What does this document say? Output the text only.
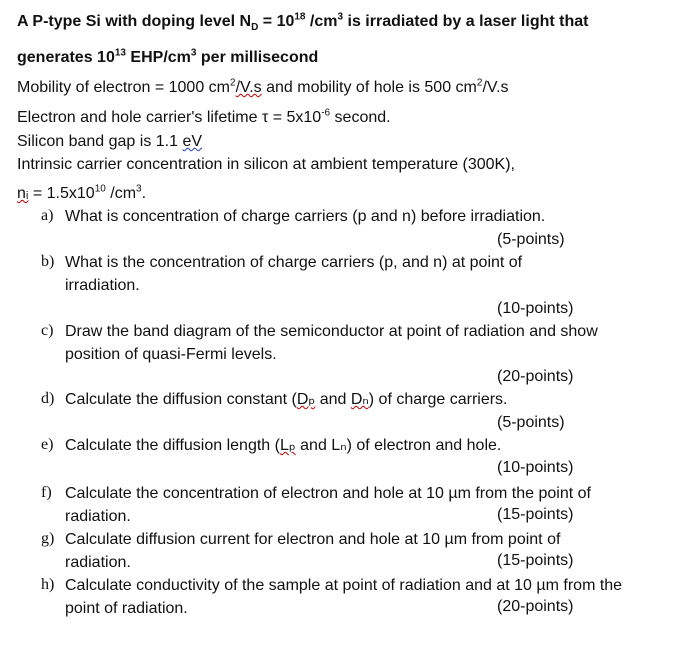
A P-type Si with doping level $N_D = 10^{18}$ $/cm^3$ is irradiated by a laser light that
generates $10^{13}$ EHP/$cm^3$ per millisecond
Mobility of electron = 1000 $cm^2/V.s$ and mobility of hole is 500 $cm^2/V.s$
Electron and hole carrier's lifetime $\tau = 5x10^{-6}$ second.
Silicon band gap is 1.1 eV
Intrinsic carrier concentration in silicon at ambient temperature (300K),
nᵢ = $1.5x10^{10}$ $/cm^3$.
a) What is concentration of charge carriers (p and n) before irradiation.
(5-points)
b) What is the concentration of charge carriers (p, and n) at point of irradiation.
(10-points)
c) Draw the band diagram of the semiconductor at point of radiation and show position of quasi-Fermi levels.
(20-points)
d) Calculate the diffusion constant (Dₚ and Dₙ) of charge carriers.
(5-points)
e) Calculate the diffusion length (Lₚ and Lₙ) of electron and hole.
(10-points)
f) Calculate the concentration of electron and hole at 10 µm from the point of radiation.	(15-points)
g) Calculate diffusion current for electron and hole at 10 µm from point of radiation.	(15-points)
h) Calculate conductivity of the sample at point of radiation and at 10 µm from the point of radiation.	(20-points)
